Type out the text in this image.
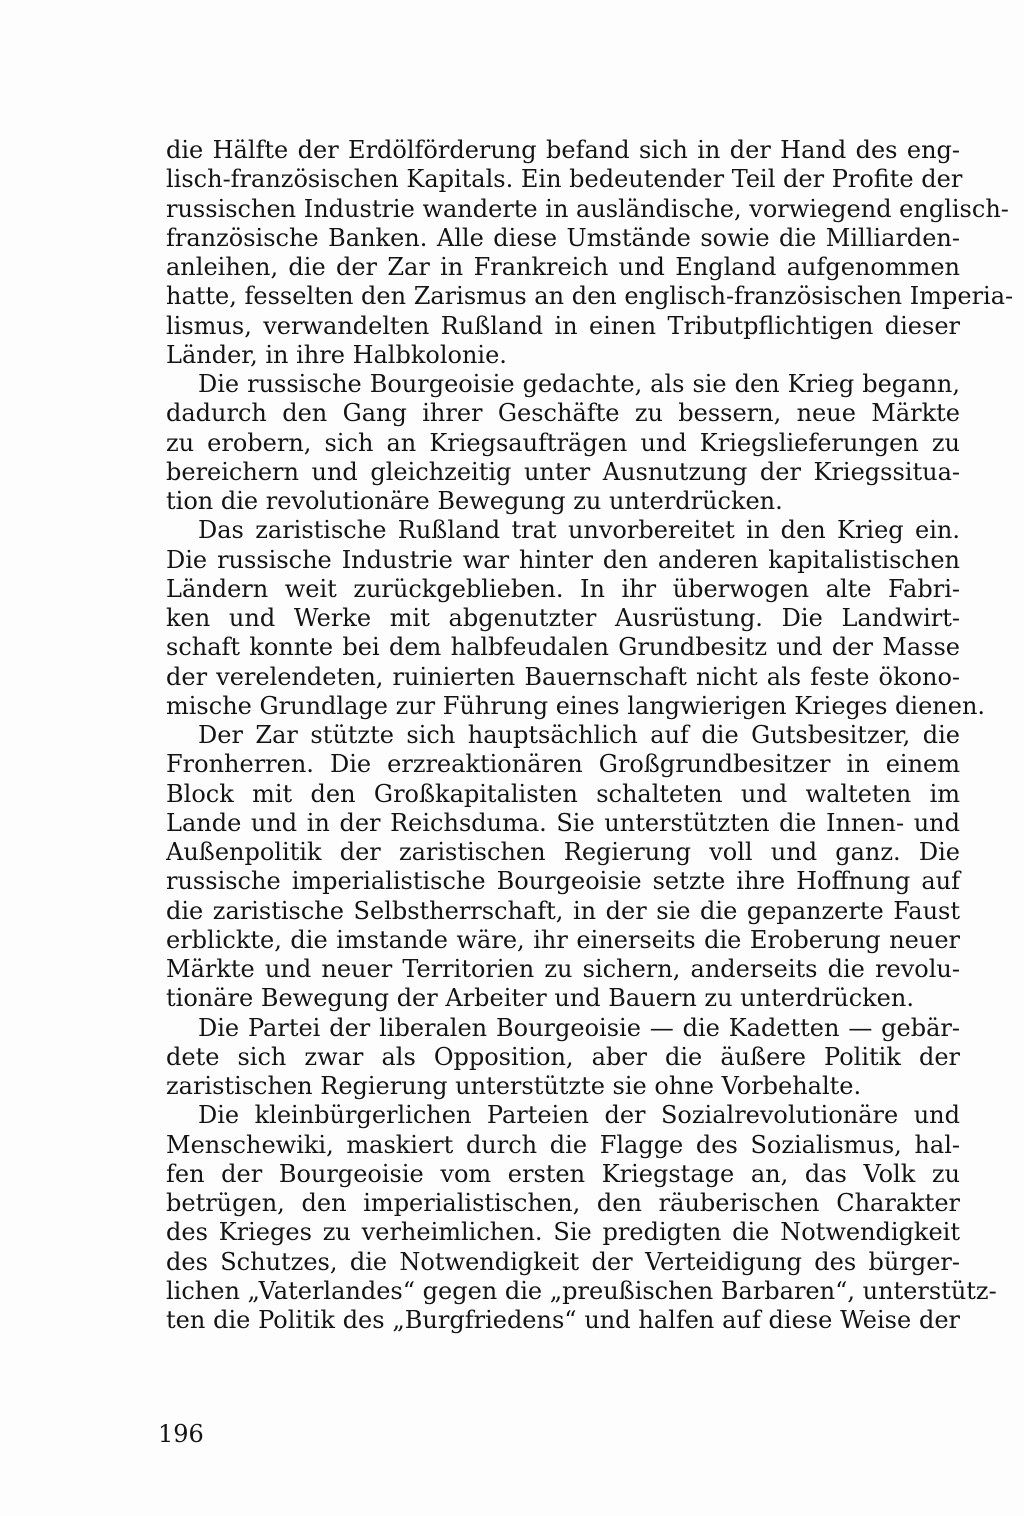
die Hälfte der Erdölförderung befand sich in der Hand des eng-
lisch-französischen Kapitals. Ein bedeutender Teil der Profite der
russischen Industrie wanderte in ausländische, vorwiegend englisch-
französische Banken. Alle diese Umstände sowie die Milliarden-
anleihen, die der Zar in Frankreich und England aufgenommen
hatte, fesselten den Zarismus an den englisch-französischen Imperia-
lismus, verwandelten Rußland in einen Tributpflichtigen dieser
Länder, in ihre Halbkolonie.
Die russische Bourgeoisie gedachte, als sie den Krieg begann,
dadurch den Gang ihrer Geschäfte zu bessern, neue Märkte
zu erobern, sich an Kriegsaufträgen und Kriegslieferungen zu
bereichern und gleichzeitig unter Ausnutzung der Kriegssitua-
tion die revolutionäre Bewegung zu unterdrücken.
Das zaristische Rußland trat unvorbereitet in den Krieg ein.
Die russische Industrie war hinter den anderen kapitalistischen
Ländern weit zurückgeblieben. In ihr überwogen alte Fabri-
ken und Werke mit abgenutzter Ausrüstung. Die Landwirt-
schaft konnte bei dem halbfeudalen Grundbesitz und der Masse
der verelendeten, ruinierten Bauernschaft nicht als feste ökono-
mische Grundlage zur Führung eines langwierigen Krieges dienen.
Der Zar stützte sich hauptsächlich auf die Gutsbesitzer, die
Fronherren. Die erzreaktionären Großgrundbesitzer in einem
Block mit den Großkapitalisten schalteten und walteten im
Lande und in der Reichsduma. Sie unterstützten die Innen- und
Außenpolitik der zaristischen Regierung voll und ganz. Die
russische imperialistische Bourgeoisie setzte ihre Hoffnung auf
die zaristische Selbstherrschaft, in der sie die gepanzerte Faust
erblickte, die imstande wäre, ihr einerseits die Eroberung neuer
Märkte und neuer Territorien zu sichern, anderseits die revolu-
tionäre Bewegung der Arbeiter und Bauern zu unterdrücken.
Die Partei der liberalen Bourgeoisie — die Kadetten — gebär-
dete sich zwar als Opposition, aber die äußere Politik der
zaristischen Regierung unterstützte sie ohne Vorbehalte.
Die kleinbürgerlichen Parteien der Sozialrevolutionäre und
Menschewiki, maskiert durch die Flagge des Sozialismus, hal-
fen der Bourgeoisie vom ersten Kriegstage an, das Volk zu
betrügen, den imperialistischen, den räuberischen Charakter
des Krieges zu verheimlichen. Sie predigten die Notwendigkeit
des Schutzes, die Notwendigkeit der Verteidigung des bürger-
lichen „Vaterlandes“ gegen die „preußischen Barbaren“, unterstütz-
ten die Politik des „Burgfriedens“ und halfen auf diese Weise der
196
